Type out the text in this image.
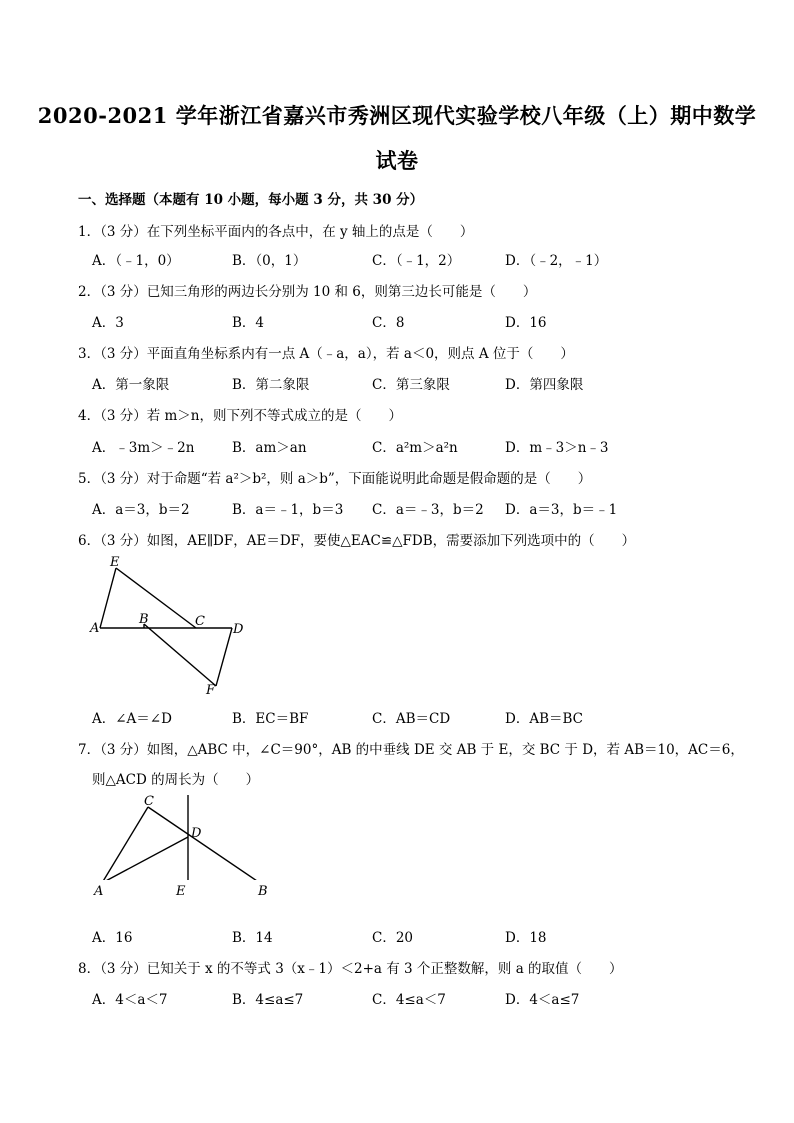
2020-2021 学年浙江省嘉兴市秀洲区现代实验学校八年级（上）期中数学
试卷
一、选择题（本题有 10 小题，每小题 3 分，共 30 分）
1．（3 分）在下列坐标平面内的各点中，在 y 轴上的点是（　　）
A．（﹣1，0）	B．（0，1）	C．（﹣1，2）	D．（﹣2，﹣1）
2．（3 分）已知三角形的两边长分别为 10 和 6，则第三边长可能是（　　）
A．3	B．4	C．8	D．16
3．（3 分）平面直角坐标系内有一点 A（﹣a，a），若 a＜0，则点 A 位于（　　）
A．第一象限	B．第二象限	C．第三象限	D．第四象限
4．（3 分）若 m＞n，则下列不等式成立的是（　　）
A．﹣3m＞﹣2n	B．am＞an	C．a²m＞a²n	D．m﹣3＞n﹣3
5．（3 分）对于命题“若 a²＞b²，则 a＞b”，下面能说明此命题是假命题的是（　　）
A．a＝3，b＝2	B．a＝﹣1，b＝3 C．a＝﹣3，b＝2 D．a＝3，b＝﹣1
6．（3 分）如图，AE∥DF，AE＝DF，要使△EAC≌△FDB，需要添加下列选项中的（　　）
E
A
B	C
D
F
A．∠A＝∠D	B．EC＝BF	C．AB＝CD	D．AB＝BC
7．（3 分）如图，△ABC 中，∠C＝90°，AB 的中垂线 DE 交 AB 于 E，交 BC 于 D，若 AB＝10，AC＝6，
则△ACD 的周长为（　　）
C
D
A	E	B
A．16	B．14	C．20	D．18
8．（3 分）已知关于 x 的不等式 3（x﹣1）＜2+a 有 3 个正整数解，则 a 的取值（　　）
A．4＜a＜7	B．4≤a≤7	C．4≤a＜7	D．4＜a≤7
